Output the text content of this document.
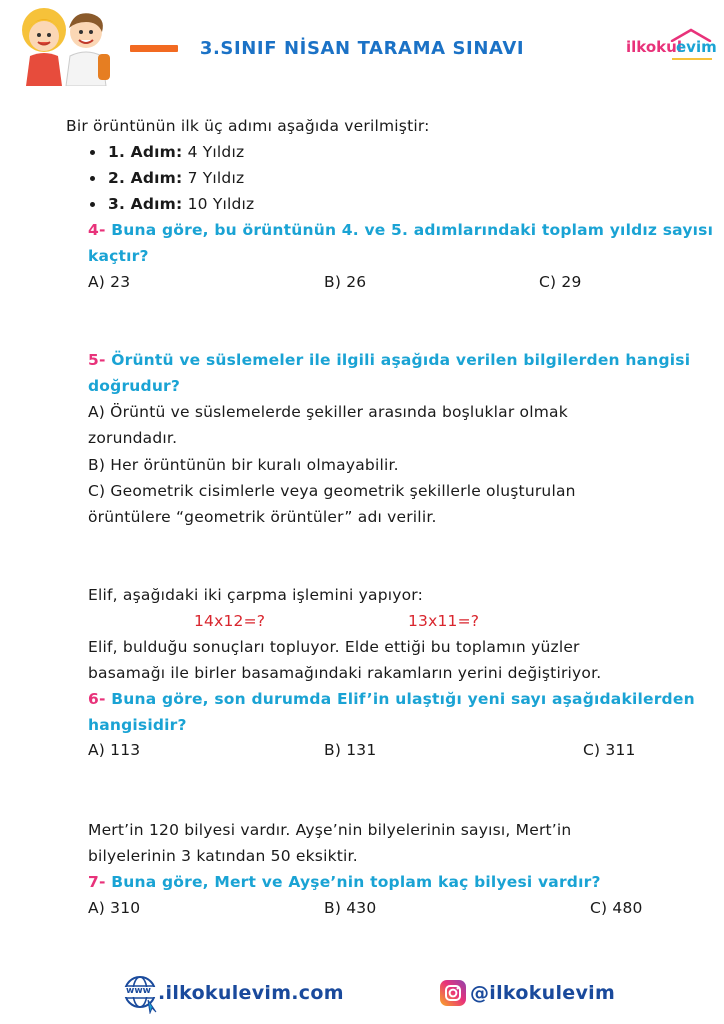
3.SINIF NİSAN TARAMA SINAVI	ilkokul
evim
Bir örüntünün ilk üç adımı aşağıda verilmiştir:
1. Adım: 4 Yıldız
2. Adım: 7 Yıldız
3. Adım: 10 Yıldız
4- Buna göre, bu örüntünün 4. ve 5. adımlarındaki toplam yıldız sayısı
kaçtır?
A) 23	B) 26	C) 29
5- Örüntü ve süslemeler ile ilgili aşağıda verilen bilgilerden hangisi
doğrudur?
A) Örüntü ve süslemelerde şekiller arasında boşluklar olmak
zorundadır.
B) Her örüntünün bir kuralı olmayabilir.
C) Geometrik cisimlerle veya geometrik şekillerle oluşturulan
örüntülere “geometrik örüntüler” adı verilir.
Elif, aşağıdaki iki çarpma işlemini yapıyor:
14x12=?	13x11=?
Elif, bulduğu sonuçları topluyor. Elde ettiği bu toplamın yüzler
basamağı ile birler basamağındaki rakamların yerini değiştiriyor.
6- Buna göre, son durumda Elif’in ulaştığı yeni sayı aşağıdakilerden
hangisidir?
A) 113	B) 131	C) 311
Mert’in 120 bilyesi vardır. Ayşe’nin bilyelerinin sayısı, Mert’in
bilyelerinin 3 katından 50 eksiktir.
7- Buna göre, Mert ve Ayşe’nin toplam kaç bilyesi vardır?
A) 310	B) 430	C) 480
www .ilkokulevim.com	@ilkokulevim
